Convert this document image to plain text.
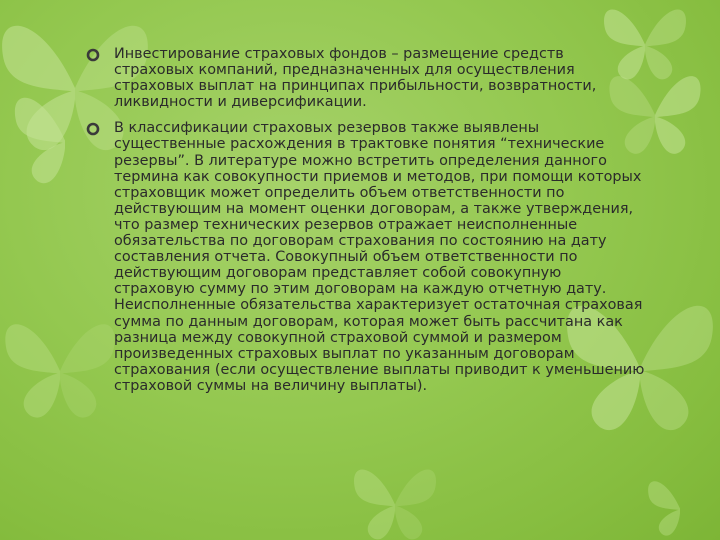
Инвестирование страховых фондов – размещение средств страховых компаний, предназначенных для осуществления страховых выплат на принципах прибыльности, возвратности, ликвидности и диверсификации.
В классификации страховых резервов также выявлены существенные расхождения в трактовке понятия “технические резервы”. В литературе можно встретить определения данного термина как совокупности приемов и методов, при помощи которых страховщик может определить объем ответственности по действующим на момент оценки договорам, а также утверждения, что размер технических резервов отражает неисполненные обязательства по договорам страхования по состоянию на дату составления отчета. Совокупный объем ответственности по действующим договорам представляет собой совокупную страховую сумму по этим договорам на каждую отчетную дату. Неисполненные обязательства характеризует остаточная страховая сумма по данным договорам, которая может быть рассчитана как разница между совокупной страховой суммой и размером произведенных страховых выплат по указанным договорам страхования (если осуществление выплаты приводит к уменьшению страховой суммы на величину выплаты).
